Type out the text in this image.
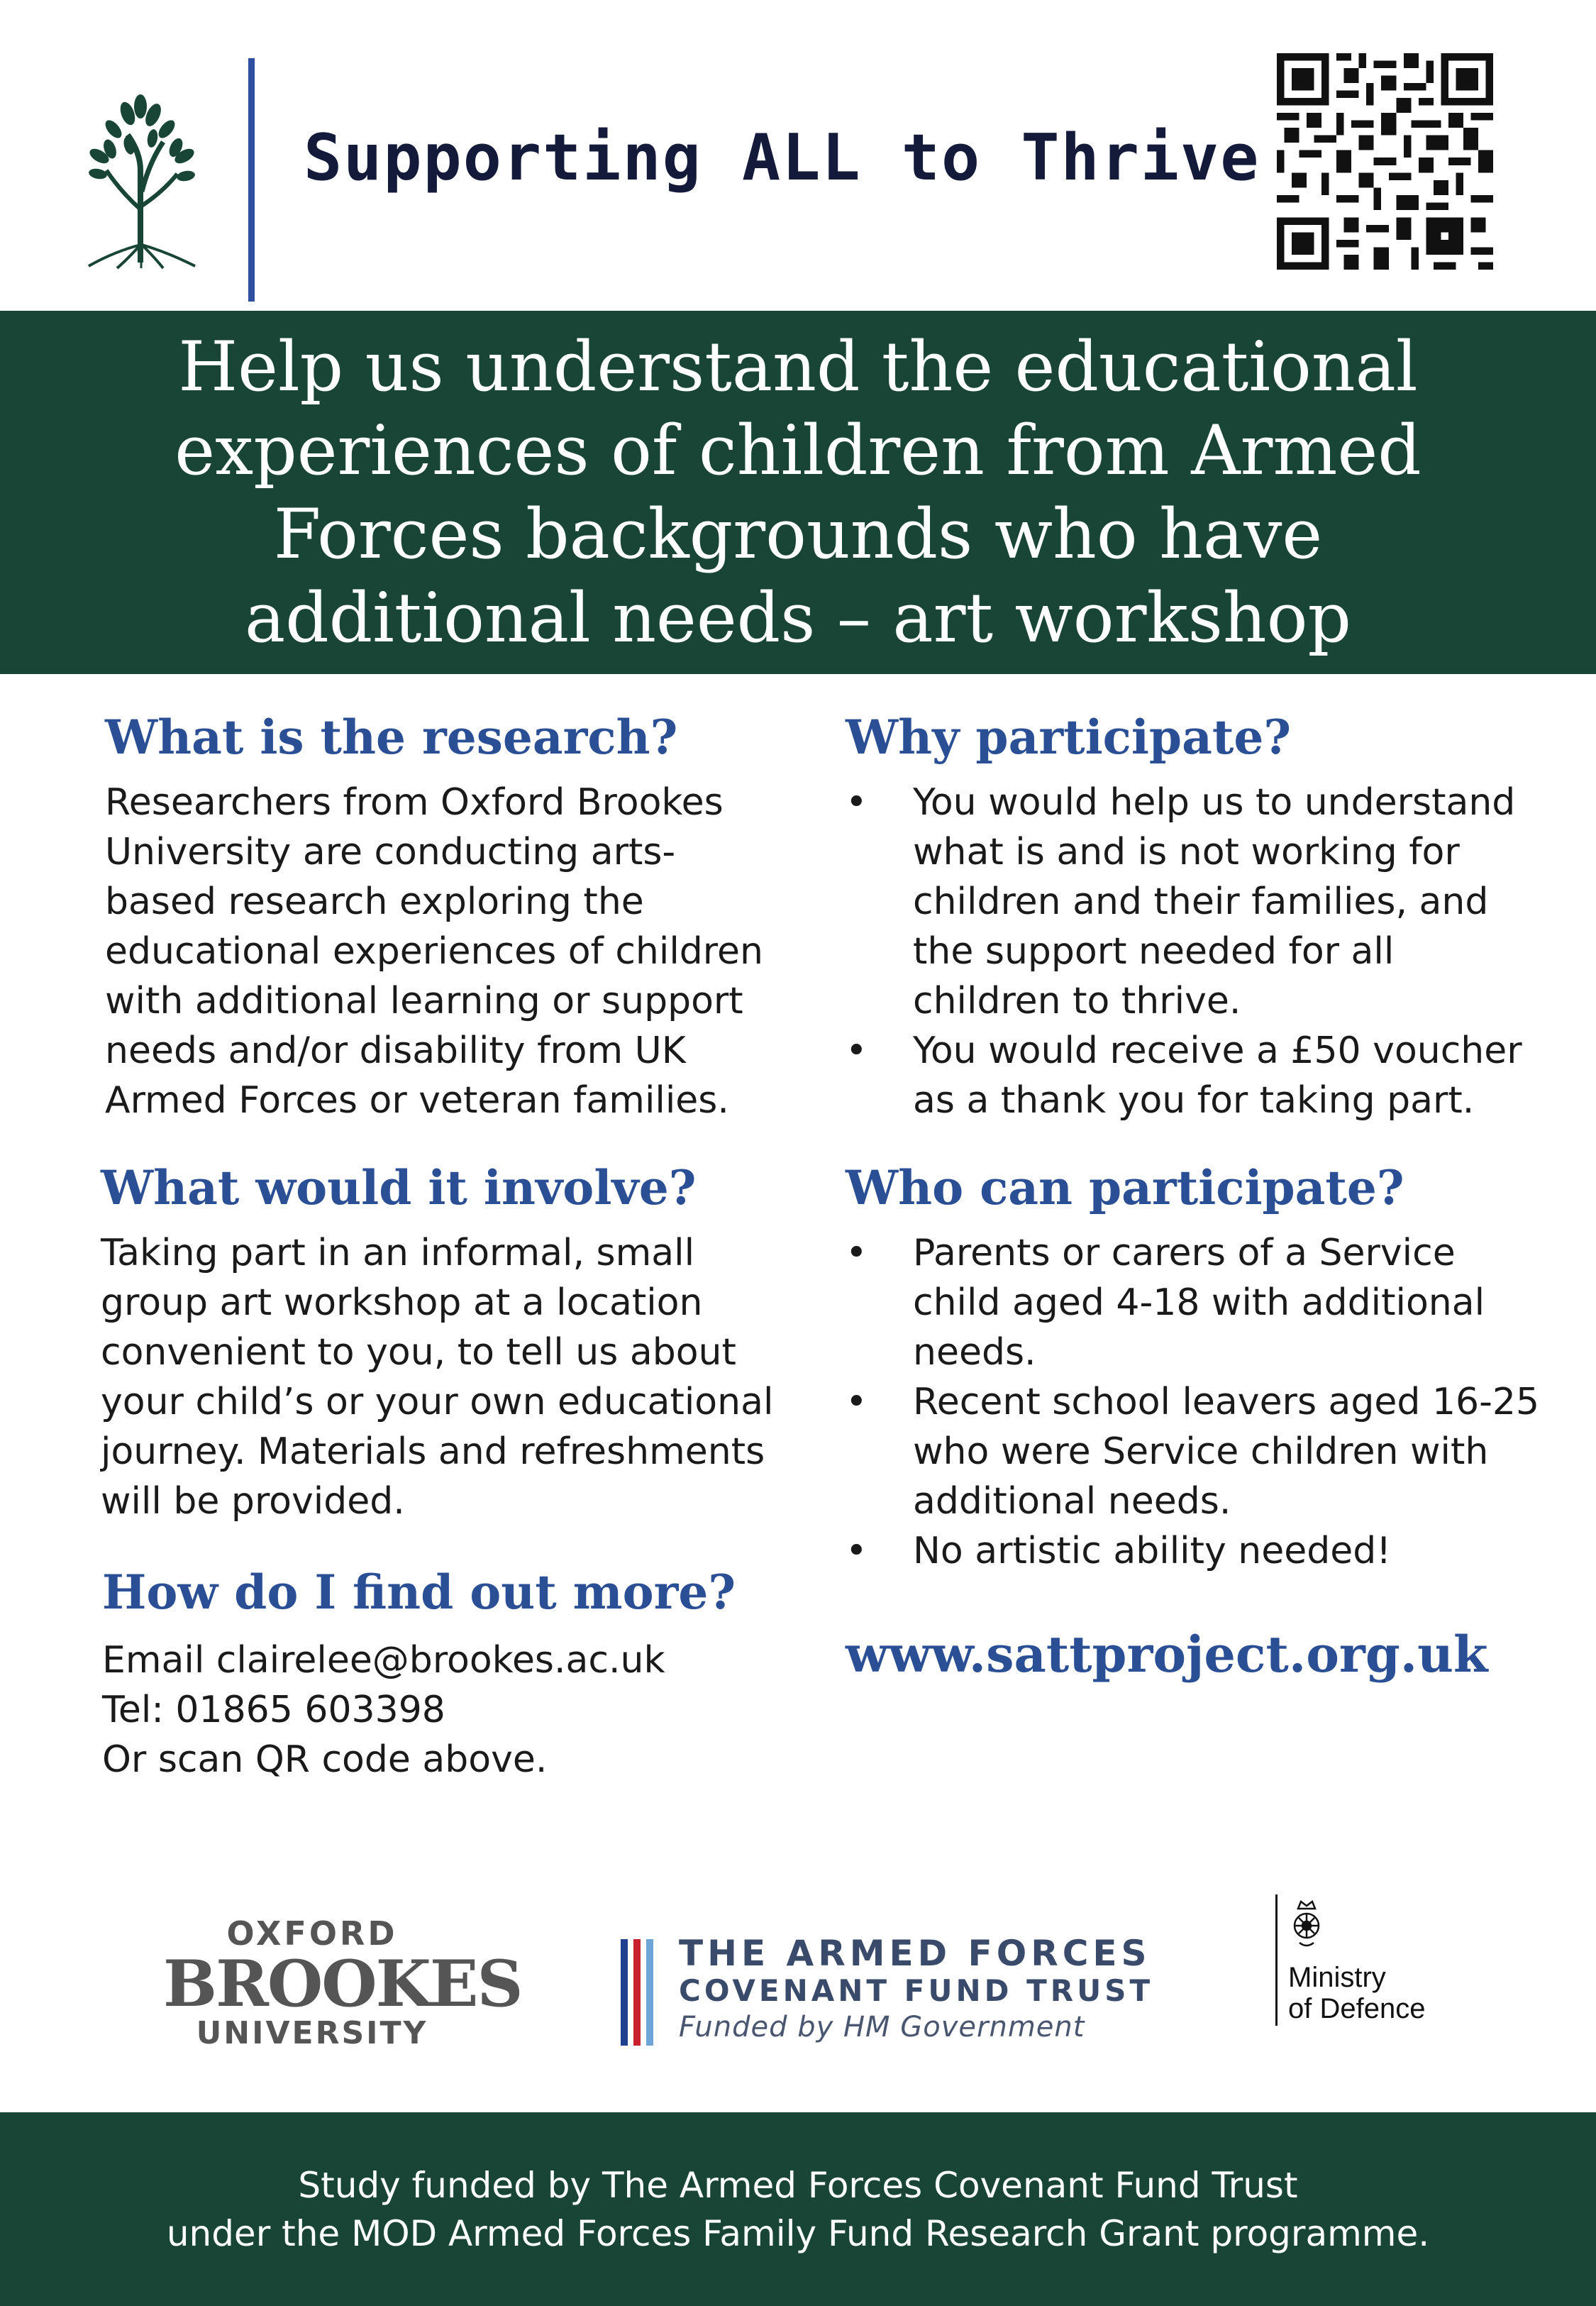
Supporting ALL to Thrive
Help us understand the educational experiences of children from Armed Forces backgrounds who have additional needs – art workshop
What is the research?

Researchers from Oxford Brookes University are conducting arts-based research exploring the educational experiences of children with additional learning or support needs and/or disability from UK Armed Forces or veteran families.

What would it involve?

Taking part in an informal, small group art workshop at a location convenient to you, to tell us about your child’s or your own educational journey. Materials and refreshments will be provided.

How do I find out more?
Email clairelee@brookes.ac.uk
Tel: 01865 603398
Or scan QR code above.
Why participate?
• You would help us to understand what is and is not working for children and their families, and the support needed for all children to thrive.
• You would receive a £50 voucher as a thank you for taking part.
Who can participate?
• Parents or carers of a Service child aged 4-18 with additional needs.
• Recent school leavers aged 16-25 who were Service children with additional needs.
• No artistic ability needed!
www.sattproject.org.uk
OXFORD
BROOKES
UNIVERSITY
THE ARMED FORCES
COVENANT FUND TRUST
Funded by HM Government
Ministry
of Defence
Study funded by The Armed Forces Covenant Fund Trust
under the MOD Armed Forces Family Fund Research Grant programme.
